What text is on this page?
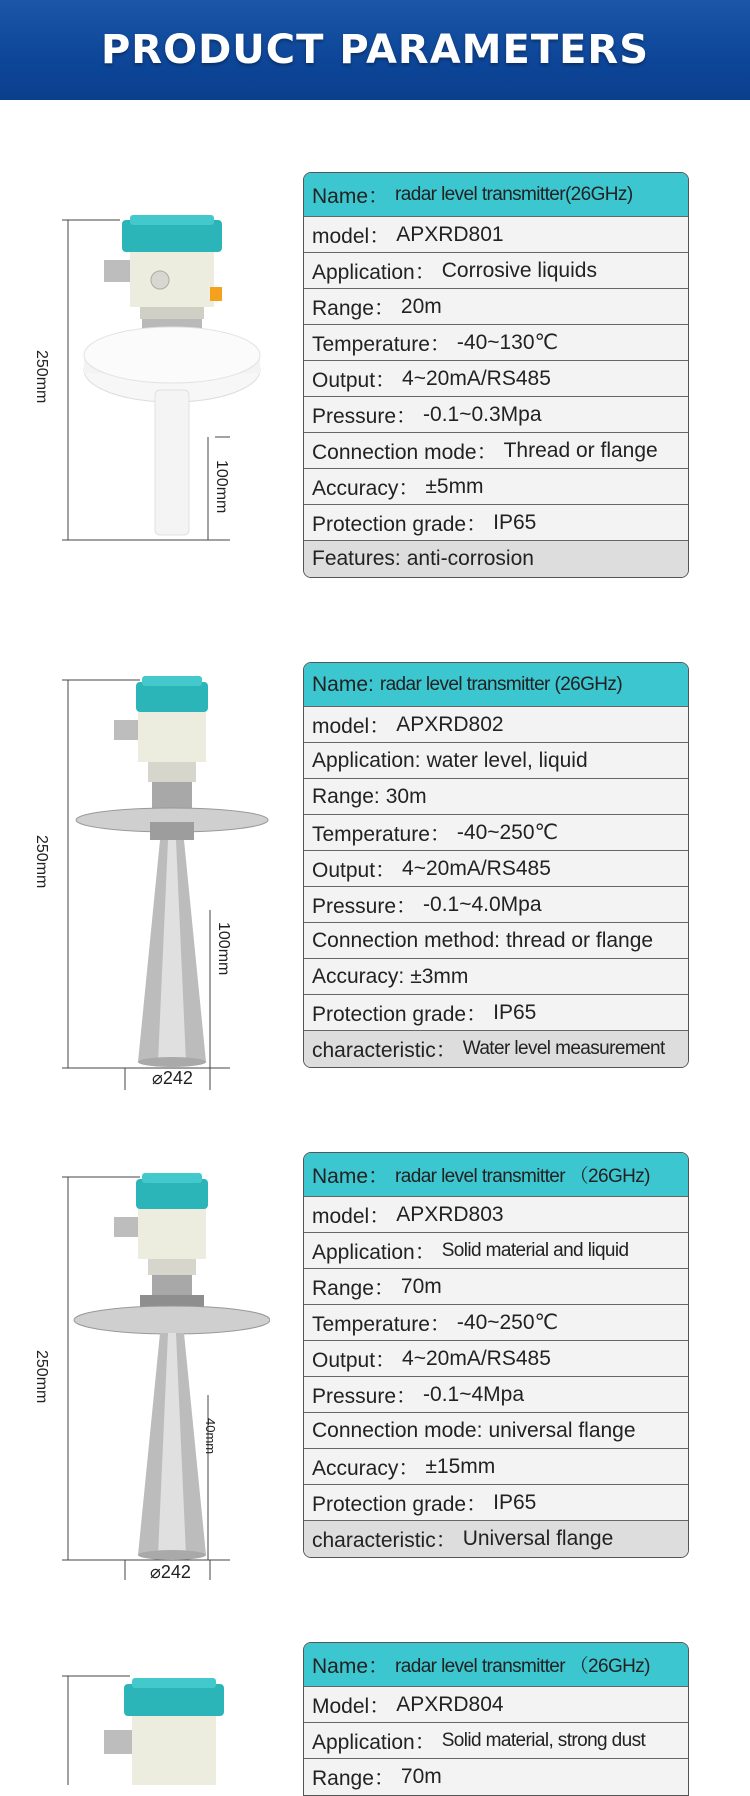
PRODUCT PARAMETERS
250mm
100mm
Name： radar level transmitter(26GHz)
model： APXRD801
Application： Corrosive liquids
Range： 20m
Temperature： -40~130℃
Output： 4~20mA/RS485
Pressure： -0.1~0.3Mpa
Connection mode： Thread or flange
Accuracy： ±5mm
Protection grade： IP65
Features: anti-corrosion
250mm
100mm
⌀242
Name: radar level transmitter (26GHz)
model： APXRD802
Application: water level, liquid
Range: 30m
Temperature： -40~250℃
Output： 4~20mA/RS485
Pressure： -0.1~4.0Mpa
Connection method: thread or flange
Accuracy: ±3mm
Protection grade： IP65
characteristic： Water level measurement
250mm
40mm
⌀242
Name： radar level transmitter （26GHz)
model： APXRD803
Application： Solid material and liquid
Range： 70m
Temperature： -40~250℃
Output： 4~20mA/RS485
Pressure： -0.1~4Mpa
Connection mode: universal flange
Accuracy： ±15mm
Protection grade： IP65
characteristic： Universal flange
Name： radar level transmitter （26GHz)
Model： APXRD804
Application： Solid material, strong dust
Range： 70m
